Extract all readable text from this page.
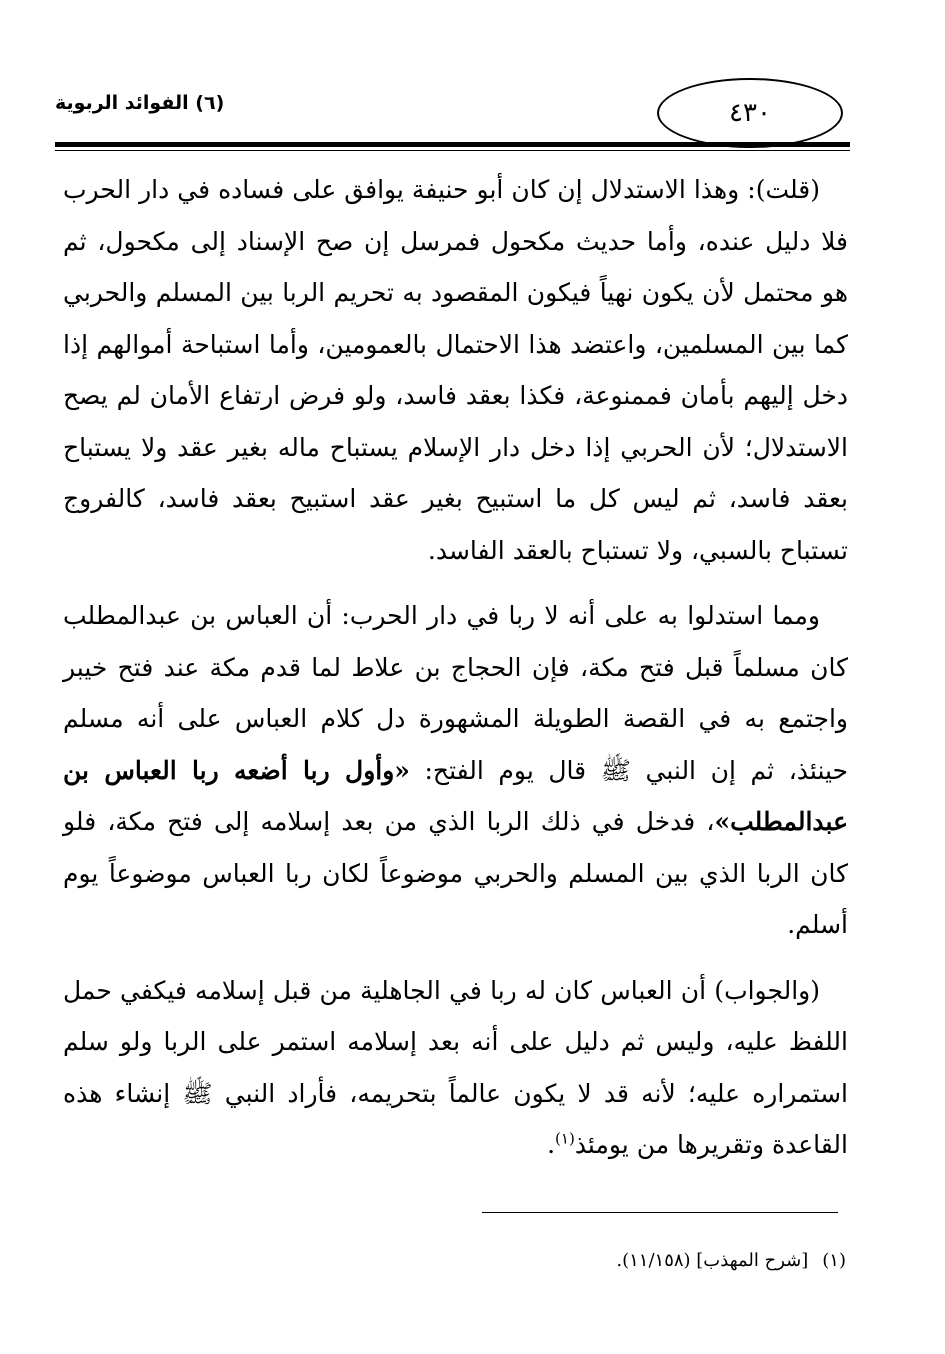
(٦) الفوائد الربوية	٤٣٠

(قلت): وهذا الاستدلال إن كان أبو حنيفة يوافق على فساده في دار الحرب فلا دليل عنده، وأما حديث مكحول فمرسل إن صح الإسناد إلى مكحول، ثم هو محتمل لأن يكون نهياً فيكون المقصود به تحريم الربا بين المسلم والحربي كما بين المسلمين، واعتضد هذا الاحتمال بالعمومين، وأما استباحة أموالهم إذا دخل إليهم بأمان فممنوعة، فكذا بعقد فاسد، ولو فرض ارتفاع الأمان لم يصح الاستدلال؛ لأن الحربي إذا دخل دار الإسلام يستباح ماله بغير عقد ولا يستباح بعقد فاسد، ثم ليس كل ما استبيح بغير عقد استبيح بعقد فاسد، كالفروج تستباح بالسبي، ولا تستباح بالعقد الفاسد.

ومما استدلوا به على أنه لا ربا في دار الحرب: أن العباس بن عبدالمطلب كان مسلماً قبل فتح مكة، فإن الحجاج بن علاط لما قدم مكة عند فتح خيبر واجتمع به في القصة الطويلة المشهورة دل كلام العباس على أنه مسلم حينئذ، ثم إن النبي ﷺ قال يوم الفتح: «وأول ربا أضعه ربا العباس بن عبدالمطلب»، فدخل في ذلك الربا الذي من بعد إسلامه إلى فتح مكة، فلو كان الربا الذي بين المسلم والحربي موضوعاً لكان ربا العباس موضوعاً يوم أسلم.

(والجواب) أن العباس كان له ربا في الجاهلية من قبل إسلامه فيكفي حمل اللفظ عليه، وليس ثم دليل على أنه بعد إسلامه استمر على الربا ولو سلم استمراره عليه؛ لأنه قد لا يكون عالماً بتحريمه، فأراد النبي ﷺ إنشاء هذه القاعدة وتقريرها من يومئذ$^{(١)}$.

(١)[شرح المهذب] (١١/١٥٨).
